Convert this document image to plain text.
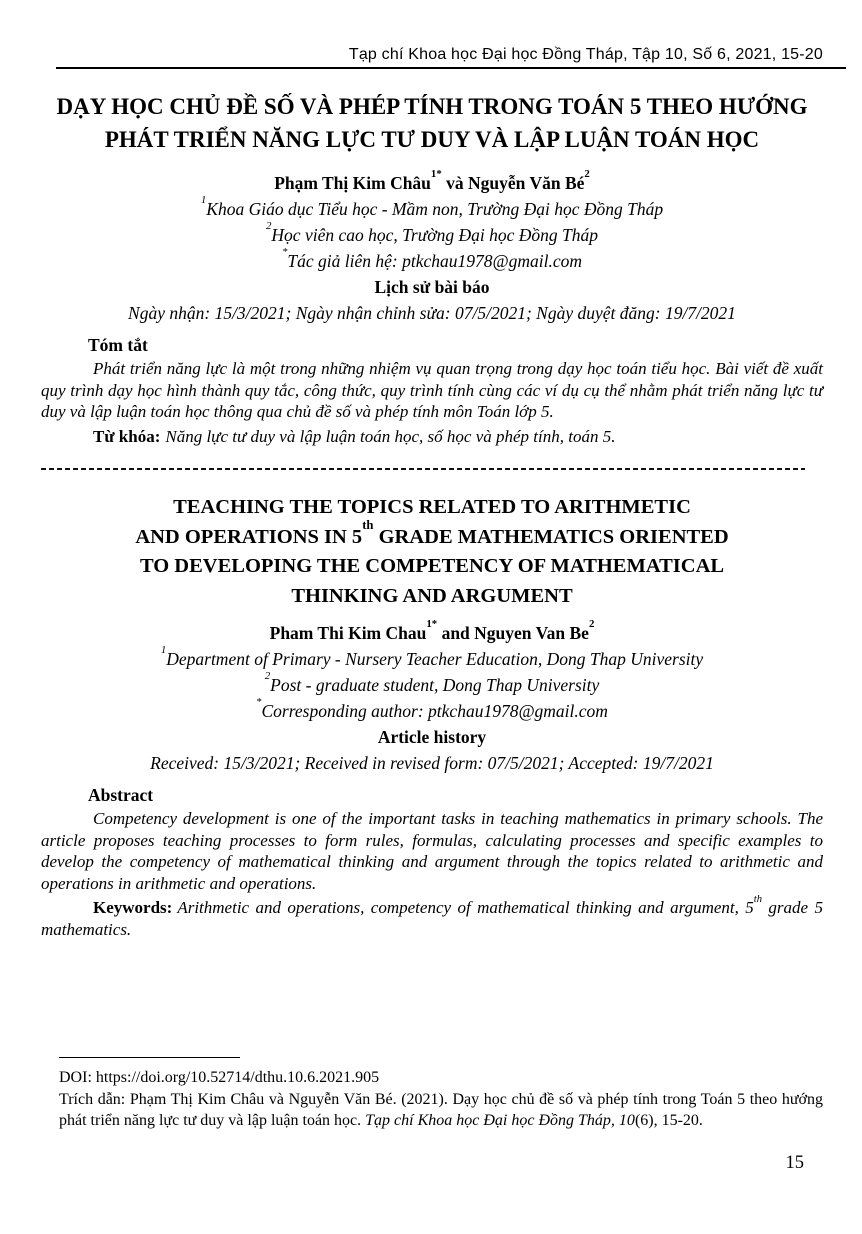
Tạp chí Khoa học Đại học Đồng Tháp, Tập 10, Số 6, 2021, 15-20
DẠY HỌC CHỦ ĐỀ SỐ VÀ PHÉP TÍNH TRONG TOÁN 5 THEO HƯỚNG
PHÁT TRIỂN NĂNG LỰC TƯ DUY VÀ LẬP LUẬN TOÁN HỌC
Phạm Thị Kim Châu$^{1*}$ và Nguyễn Văn $Bé^2$
$^1$Khoa Giáo dục Tiểu học - Mầm non, Trường Đại học Đồng Tháp
$^2$Học viên cao học, Trường Đại học Đồng Tháp
*Tác giả liên hệ: ptkchau1978@gmail.com
Lịch sử bài báo
Ngày nhận: 15/3/2021; Ngày nhận chỉnh sửa: 07/5/2021; Ngày duyệt đăng: 19/7/2021
Tóm tắt

Phát triển năng lực là một trong những nhiệm vụ quan trọng trong dạy học toán tiểu học. Bài viết đề xuất quy trình dạy học hình thành quy tắc, công thức, quy trình tính cùng các ví dụ cụ thể nhằm phát triển năng lực tư duy và lập luận toán học thông qua chủ đề số và phép tính môn Toán lớp 5.

Từ khóa: Năng lực tư duy và lập luận toán học, số học và phép tính, toán 5.

TEACHING THE TOPICS RELATED TO ARITHMETIC
AND OPERATIONS IN 5th GRADE MATHEMATICS ORIENTED
TO DEVELOPING THE COMPETENCY OF MATHEMATICAL
THINKING AND ARGUMENT
Pham Thi Kim Chau$^{1*}$ and Nguyen Van Be$^2$
$^1$Department of Primary - Nursery Teacher Education, Dong Thap University
$^2$Post - graduate student, Dong Thap University
*Corresponding author: ptkchau1978@gmail.com
Article history
Received: 15/3/2021; Received in revised form: 07/5/2021; Accepted: 19/7/2021
Abstract

Competency development is one of the important tasks in teaching mathematics in primary schools. The article proposes teaching processes to form rules, formulas, calculating processes and specific examples to develop the competency of mathematical thinking and argument through the topics related to arithmetic and operations in arithmetic and operations.

Keywords: Arithmetic and operations, competency of mathematical thinking and argument, 5th grade 5 mathematics.

DOI: https://doi.org/10.52714/dthu.10.6.2021.905
Trích dẫn: Phạm Thị Kim Châu và Nguyễn Văn Bé. (2021). Dạy học chủ đề số và phép tính trong Toán 5 theo hướng phát triển năng lực tư duy và lập luận toán học. Tạp chí Khoa học Đại học Đồng Tháp, 10(6), 15-20.
15
